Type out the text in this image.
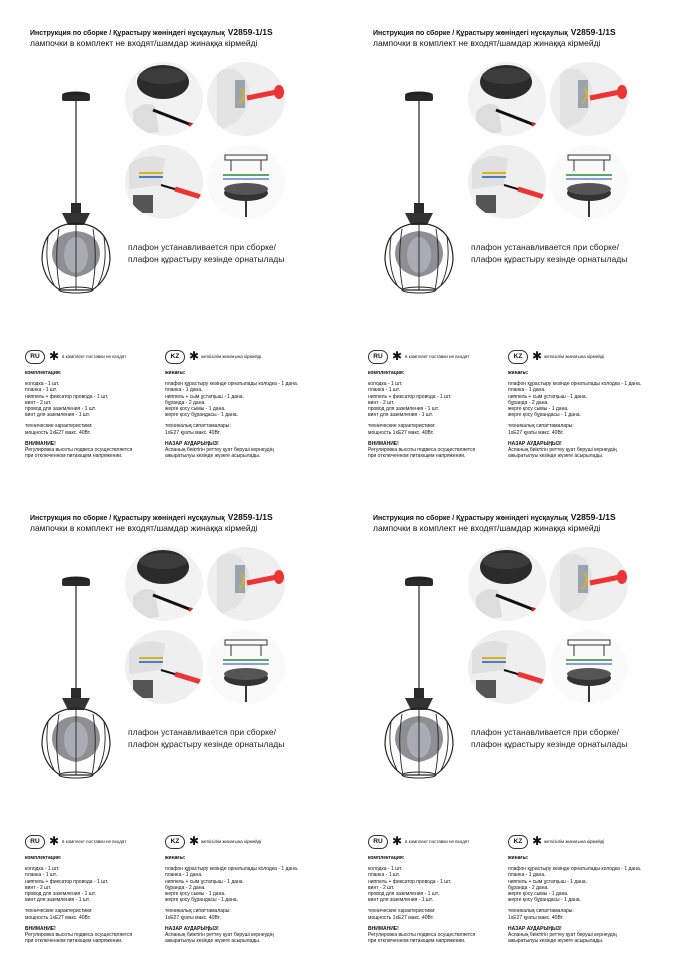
Инструкция по сборке / Құрастыру жөніндегі нұсқаулық V2859-1/1S
лампочки в комплект не входят/шамдар жинаққа кірмейді
плафон устанавливается при сборке/
плафон құрастыру кезінде орнатылады
RU ✱ в комплект поставки не входят	KZ ✱ жеткізілім жинағына кірмейді
комплектация:
колодка - 1 шт.
планка - 1 шт.
ниппель + фиксатор провода - 1 шт.
винт - 2 шт.
провод для заземления - 1 шт.
винт для заземления - 1 шт.
технические характеристики:
мощность 1хE27 макс. 40Вт.
ВНИМАНИЕ!
Регулировка высоты подвеса осуществляется
при отключенном питающем напряжении.
жинағы:
плафон құрастыру кезінде орнатылады колодка - 1 дана.
планка - 1 дана.
ниппель + сым ұстатқыш - 1 дана.
бұранда - 2 дана.
жерге қосу сымы - 1 дана.
жерге қосу бұрандасы - 1 дана.
техникалық сипаттамалары:
1хE27 қуаты макс. 40Вт.
НАЗАР АУДАРЫҢЫЗ!
Аспаның биіктігін реттеу қуат беруші кернеудің
ажыратылуы кезінде жүзеге асырылады.
Инструкция по сборке / Құрастыру жөніндегі нұсқаулық V2859-1/1S
лампочки в комплект не входят/шамдар жинаққа кірмейді
плафон устанавливается при сборке/
плафон құрастыру кезінде орнатылады
RU ✱ в комплект поставки не входят	KZ ✱ жеткізілім жинағына кірмейді
комплектация:
колодка - 1 шт.
планка - 1 шт.
ниппель + фиксатор провода - 1 шт.
винт - 2 шт.
провод для заземления - 1 шт.
винт для заземления - 1 шт.
технические характеристики:
мощность 1хE27 макс. 40Вт.
ВНИМАНИЕ!
Регулировка высоты подвеса осуществляется
при отключенном питающем напряжении.
жинағы:
плафон құрастыру кезінде орнатылады колодка - 1 дана.
планка - 1 дана.
ниппель + сым ұстатқыш - 1 дана.
бұранда - 2 дана.
жерге қосу сымы - 1 дана.
жерге қосу бұрандасы - 1 дана.
техникалық сипаттамалары:
1хE27 қуаты макс. 40Вт.
НАЗАР АУДАРЫҢЫЗ!
Аспаның биіктігін реттеу қуат беруші кернеудің
ажыратылуы кезінде жүзеге асырылады.
Инструкция по сборке / Құрастыру жөніндегі нұсқаулық V2859-1/1S
лампочки в комплект не входят/шамдар жинаққа кірмейді
плафон устанавливается при сборке/
плафон құрастыру кезінде орнатылады
RU ✱ в комплект поставки не входят	KZ ✱ жеткізілім жинағына кірмейді
комплектация:
колодка - 1 шт.
планка - 1 шт.
ниппель + фиксатор провода - 1 шт.
винт - 2 шт.
провод для заземления - 1 шт.
винт для заземления - 1 шт.
технические характеристики:
мощность 1хE27 макс. 40Вт.
ВНИМАНИЕ!
Регулировка высоты подвеса осуществляется
при отключенном питающем напряжении.
жинағы:
плафон құрастыру кезінде орнатылады колодка - 1 дана.
планка - 1 дана.
ниппель + сым ұстатқыш - 1 дана.
бұранда - 2 дана.
жерге қосу сымы - 1 дана.
жерге қосу бұрандасы - 1 дана.
техникалық сипаттамалары:
1хE27 қуаты макс. 40Вт.
НАЗАР АУДАРЫҢЫЗ!
Аспаның биіктігін реттеу қуат беруші кернеудің
ажыратылуы кезінде жүзеге асырылады.
Инструкция по сборке / Құрастыру жөніндегі нұсқаулық V2859-1/1S
лампочки в комплект не входят/шамдар жинаққа кірмейді
плафон устанавливается при сборке/
плафон құрастыру кезінде орнатылады
RU ✱ в комплект поставки не входят	KZ ✱ жеткізілім жинағына кірмейді
комплектация:
колодка - 1 шт.
планка - 1 шт.
ниппель + фиксатор провода - 1 шт.
винт - 2 шт.
провод для заземления - 1 шт.
винт для заземления - 1 шт.
технические характеристики:
мощность 1хE27 макс. 40Вт.
ВНИМАНИЕ!
Регулировка высоты подвеса осуществляется
при отключенном питающем напряжении.
жинағы:
плафон құрастыру кезінде орнатылады колодка - 1 дана.
планка - 1 дана.
ниппель + сым ұстатқыш - 1 дана.
бұранда - 2 дана.
жерге қосу сымы - 1 дана.
жерге қосу бұрандасы - 1 дана.
техникалық сипаттамалары:
1хE27 қуаты макс. 40Вт.
НАЗАР АУДАРЫҢЫЗ!
Аспаның биіктігін реттеу қуат беруші кернеудің
ажыратылуы кезінде жүзеге асырылады.
